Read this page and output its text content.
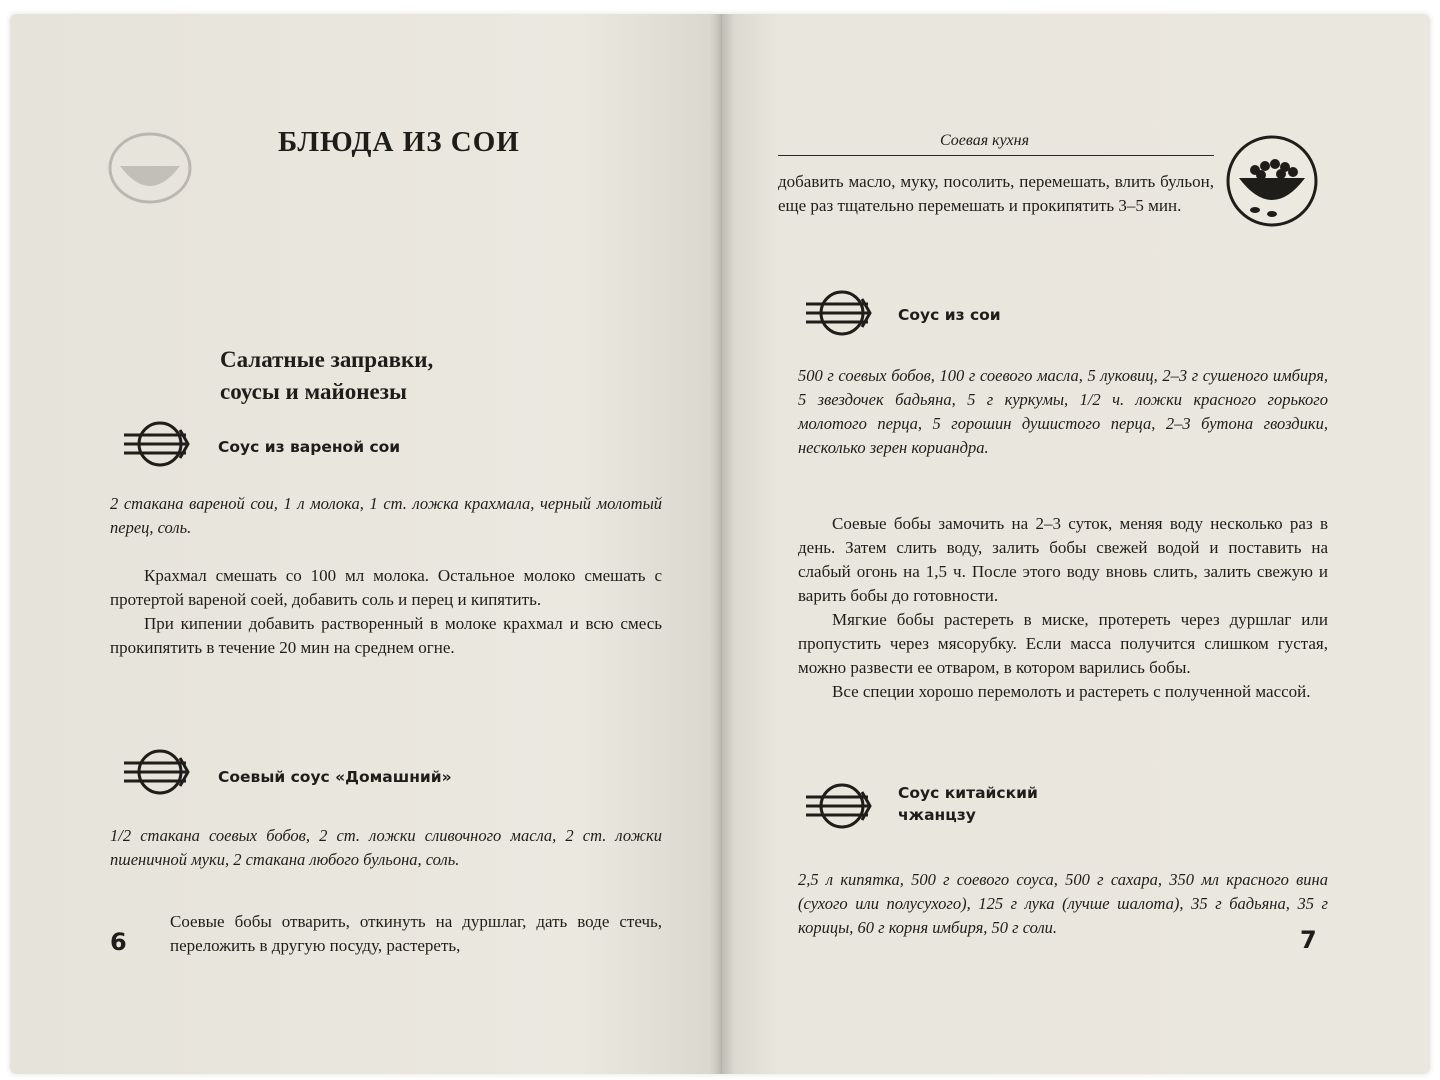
БЛЮДА ИЗ СОИ
Салатные заправки,
соусы и майонезы
Соус из вареной сои
2 стакана вареной сои, 1 л молока, 1 ст. ложка крахмала, черный молотый перец, соль.

Крахмал смешать со 100 мл молока. Остальное молоко смешать с протертой вареной соей, добавить соль и перец и кипятить.

При кипении добавить растворенный в молоке крахмал и всю смесь прокипятить в течение 20 мин на среднем огне.

Соевый соус «Домашний»
1/2 стакана соевых бобов, 2 ст. ложки сливочного масла, 2 ст. ложки пшеничной муки, 2 стакана любого бульона, соль.

Соевые бобы отварить, откинуть на дуршлаг, дать воде стечь, переложить в другую посуду, растереть,

6
Соевая кухня
добавить масло, муку, посолить, перемешать, влить бульон, еще раз тщательно перемешать и прокипятить 3–5 мин.
Соус из сои
500 г соевых бобов, 100 г соевого масла, 5 луковиц, 2–3 г сушеного имбиря, 5 звездочек бадьяна, 5 г куркумы, 1/2 ч. ложки красного горького молотого перца, 5 горошин душистого перца, 2–3 бутона гвоздики, несколько зерен кориандра.

Соевые бобы замочить на 2–3 суток, меняя воду несколько раз в день. Затем слить воду, залить бобы свежей водой и поставить на слабый огонь на 1,5 ч. После этого воду вновь слить, залить свежую и варить бобы до готовности.

Мягкие бобы растереть в миске, протереть через дуршлаг или пропустить через мясорубку. Если масса получится слишком густая, можно развести ее отваром, в котором варились бобы.

Все специи хорошо перемолоть и растереть с полученной массой.

Соус китайский
чжанцзу
2,5 л кипятка, 500 г соевого соуса, 500 г сахара, 350 мл красного вина (сухого или полусухого), 125 г лука (лучше шалота), 35 г бадьяна, 35 г корицы, 60 г корня имбиря, 50 г соли.	7
